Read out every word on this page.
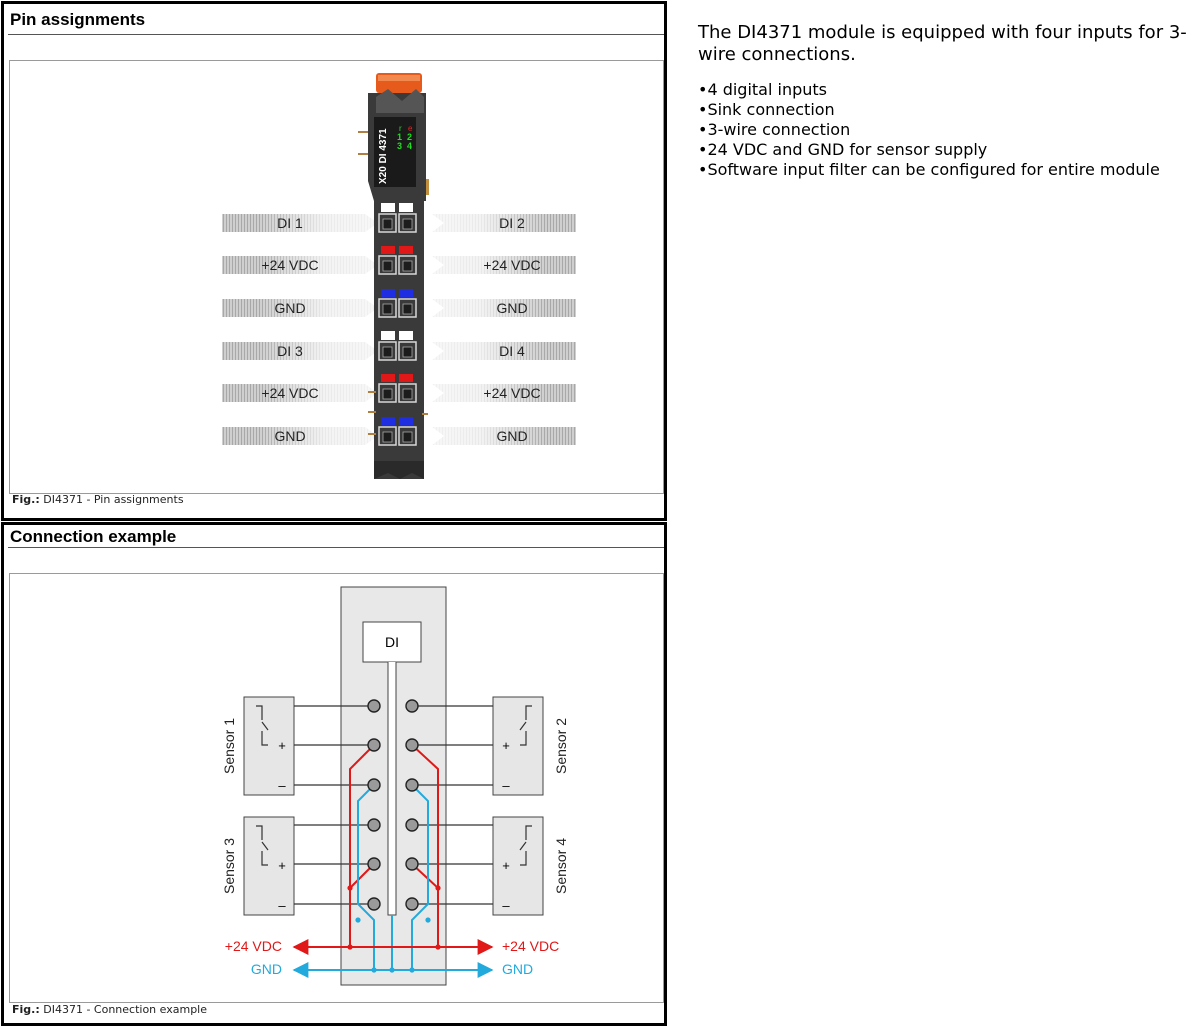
Pin assignments
DI 1
+24 VDC
GND
DI 3
+24 VDC
GND
DI 2
+24 VDC
GND
DI 4
+24 VDC
GND
X20 DI 4371 r e
1 2
3 4
Fig.: DI4371 - Pin assignments
Connection example
DI
+
–
Sensor 1	+
–
Sensor 2
+
–
Sensor 3	+
–
Sensor 4
+24 VDC
GND
+24 VDC
GND
Fig.: DI4371 - Connection example

The DI4371 module is equipped with four inputs for 3-wire connections.

•4 digital inputs
•Sink connection
•3-wire connection
•24 VDC and GND for sensor supply
•Software input filter can be configured for entire module
